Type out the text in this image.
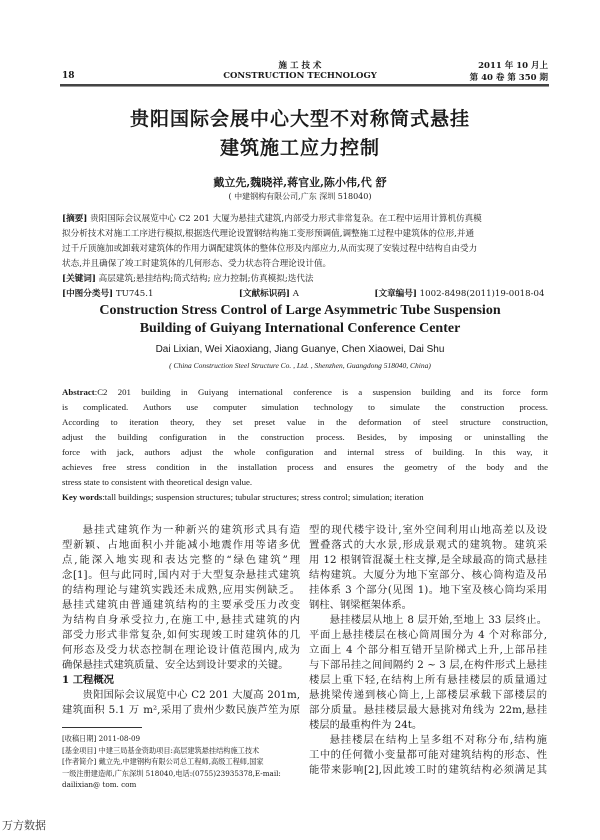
18
施 工 技 术
CONSTRUCTION TECHNOLOGY
2011 年 10 月上
第 40 卷 第 350 期
贵阳国际会展中心大型不对称筒式悬挂
建筑施工应力控制
戴立先,魏晓祥,蒋官业,陈小伟,代 舒
( 中建钢构有限公司,广东 深圳 518040)
[摘要] 贵阳国际会议展览中心 C2 201 大厦为悬挂式建筑,内部受力形式非常复杂。在工程中运用计算机仿真模
拟分析技术对施工工序进行模拟,根据迭代理论设置钢结构施工变形预调值,调整施工过程中建筑体的位形,并通
过千斤顶施加或卸载对建筑体的作用力调配建筑体的整体位形及内部应力,从而实现了安装过程中结构自由受力
状态,并且确保了竣工时建筑体的几何形态、受力状态符合理论设计值。
[关键词] 高层建筑;悬挂结构;筒式结构; 应力控制;仿真模拟;迭代法
[中图分类号] TU745.1	[文献标识码] A	[文章编号] 1002-8498(2011)19-0018-04
Construction Stress Control of Large Asymmetric Tube Suspension
Building of Guiyang International Conference Center
Dai Lixian, Wei Xiaoxiang, Jiang Guanye, Chen Xiaowei, Dai Shu
( China Construction Steel Structure Co. , Ltd. , Shenzhen, Guangdong 518040, China)
Abstract:C2 201 building in Guiyang international conference is a suspension building and its force form
is complicated. Authors use computer simulation technology to simulate the construction process.
According to iteration theory, they set preset value in the deformation of steel structure construction,
adjust the building configuration in the construction process. Besides, by imposing or uninstalling the
force with jack, authors adjust the whole configuration and internal stress of building. In this way, it
achieves free stress condition in the installation process and ensures the geometry of the body and the
stress state to consistent with theoretical design value.
Key words:tall buildings; suspension structures; tubular structures; stress control; simulation; iteration
悬挂式建筑作为一种新兴的建筑形式具有造
型新颖、占地面积小并能减小地震作用等诸多优
点,能深入地实现和表达完整的“绿色建筑”理
念[1]。但与此同时,国内对于大型复杂悬挂式建筑
的结构理论与建筑实践还未成熟,应用实例缺乏。
悬挂式建筑由普通建筑结构的主要承受压力改变
为结构自身承受拉力,在施工中,悬挂式建筑的内
部受力形式非常复杂,如何实现竣工时建筑体的几
何形态及受力状态控制在理论设计值范围内,成为
确保悬挂式建筑质量、安全达到设计要求的关键。
1 工程概况
贵阳国际会议展览中心 C2 201 大厦高 201m,
建筑面积 5.1 万 m²,采用了贵州少数民族芦笙为原
型的现代楼宇设计,室外空间利用山地高差以及设
置叠落式的大水景,形成景观式的建筑物。建筑采
用 12 根钢管混凝土柱支撑,是全球最高的筒式悬挂
结构建筑。大厦分为地下室部分、核心筒构造及吊
挂体系 3 个部分(见图 1)。地下室及核心筒均采用
钢柱、钢梁框架体系。
悬挂楼层从地上 8 层开始,至地上 33 层终止。
平面上悬挂楼层在核心筒周围分为 4 个对称部分,
立面上 4 个部分相互错开呈阶梯式上升,上部吊挂
与下部吊挂之间间隔约 2 ~ 3 层,在构件形式上悬挂
楼层上重下轻,在结构上所有悬挂楼层的质量通过
悬挑梁传递到核心筒上,上部楼层承载下部楼层的
部分质量。悬挂楼层最大悬挑对角线为 22m,悬挂
楼层的最重构件为 24t。
悬挂楼层在结构上呈多组不对称分布,结构施
工中的任何微小变量都可能对建筑结构的形态、性
能带来影响[2],因此竣工时的建筑结构必须满足其
[收稿日期] 2011-08-09
[基金项目] 中建三局基金资助项目:高层建筑悬挂结构施工技术
[作者简介] 戴立先,中建钢构有限公司总工程师,高级工程师,国家
一级注册建造师,广东深圳 518040,电话:(0755)23935378,E-mail:
dailixian@ tom. com
万方数据
